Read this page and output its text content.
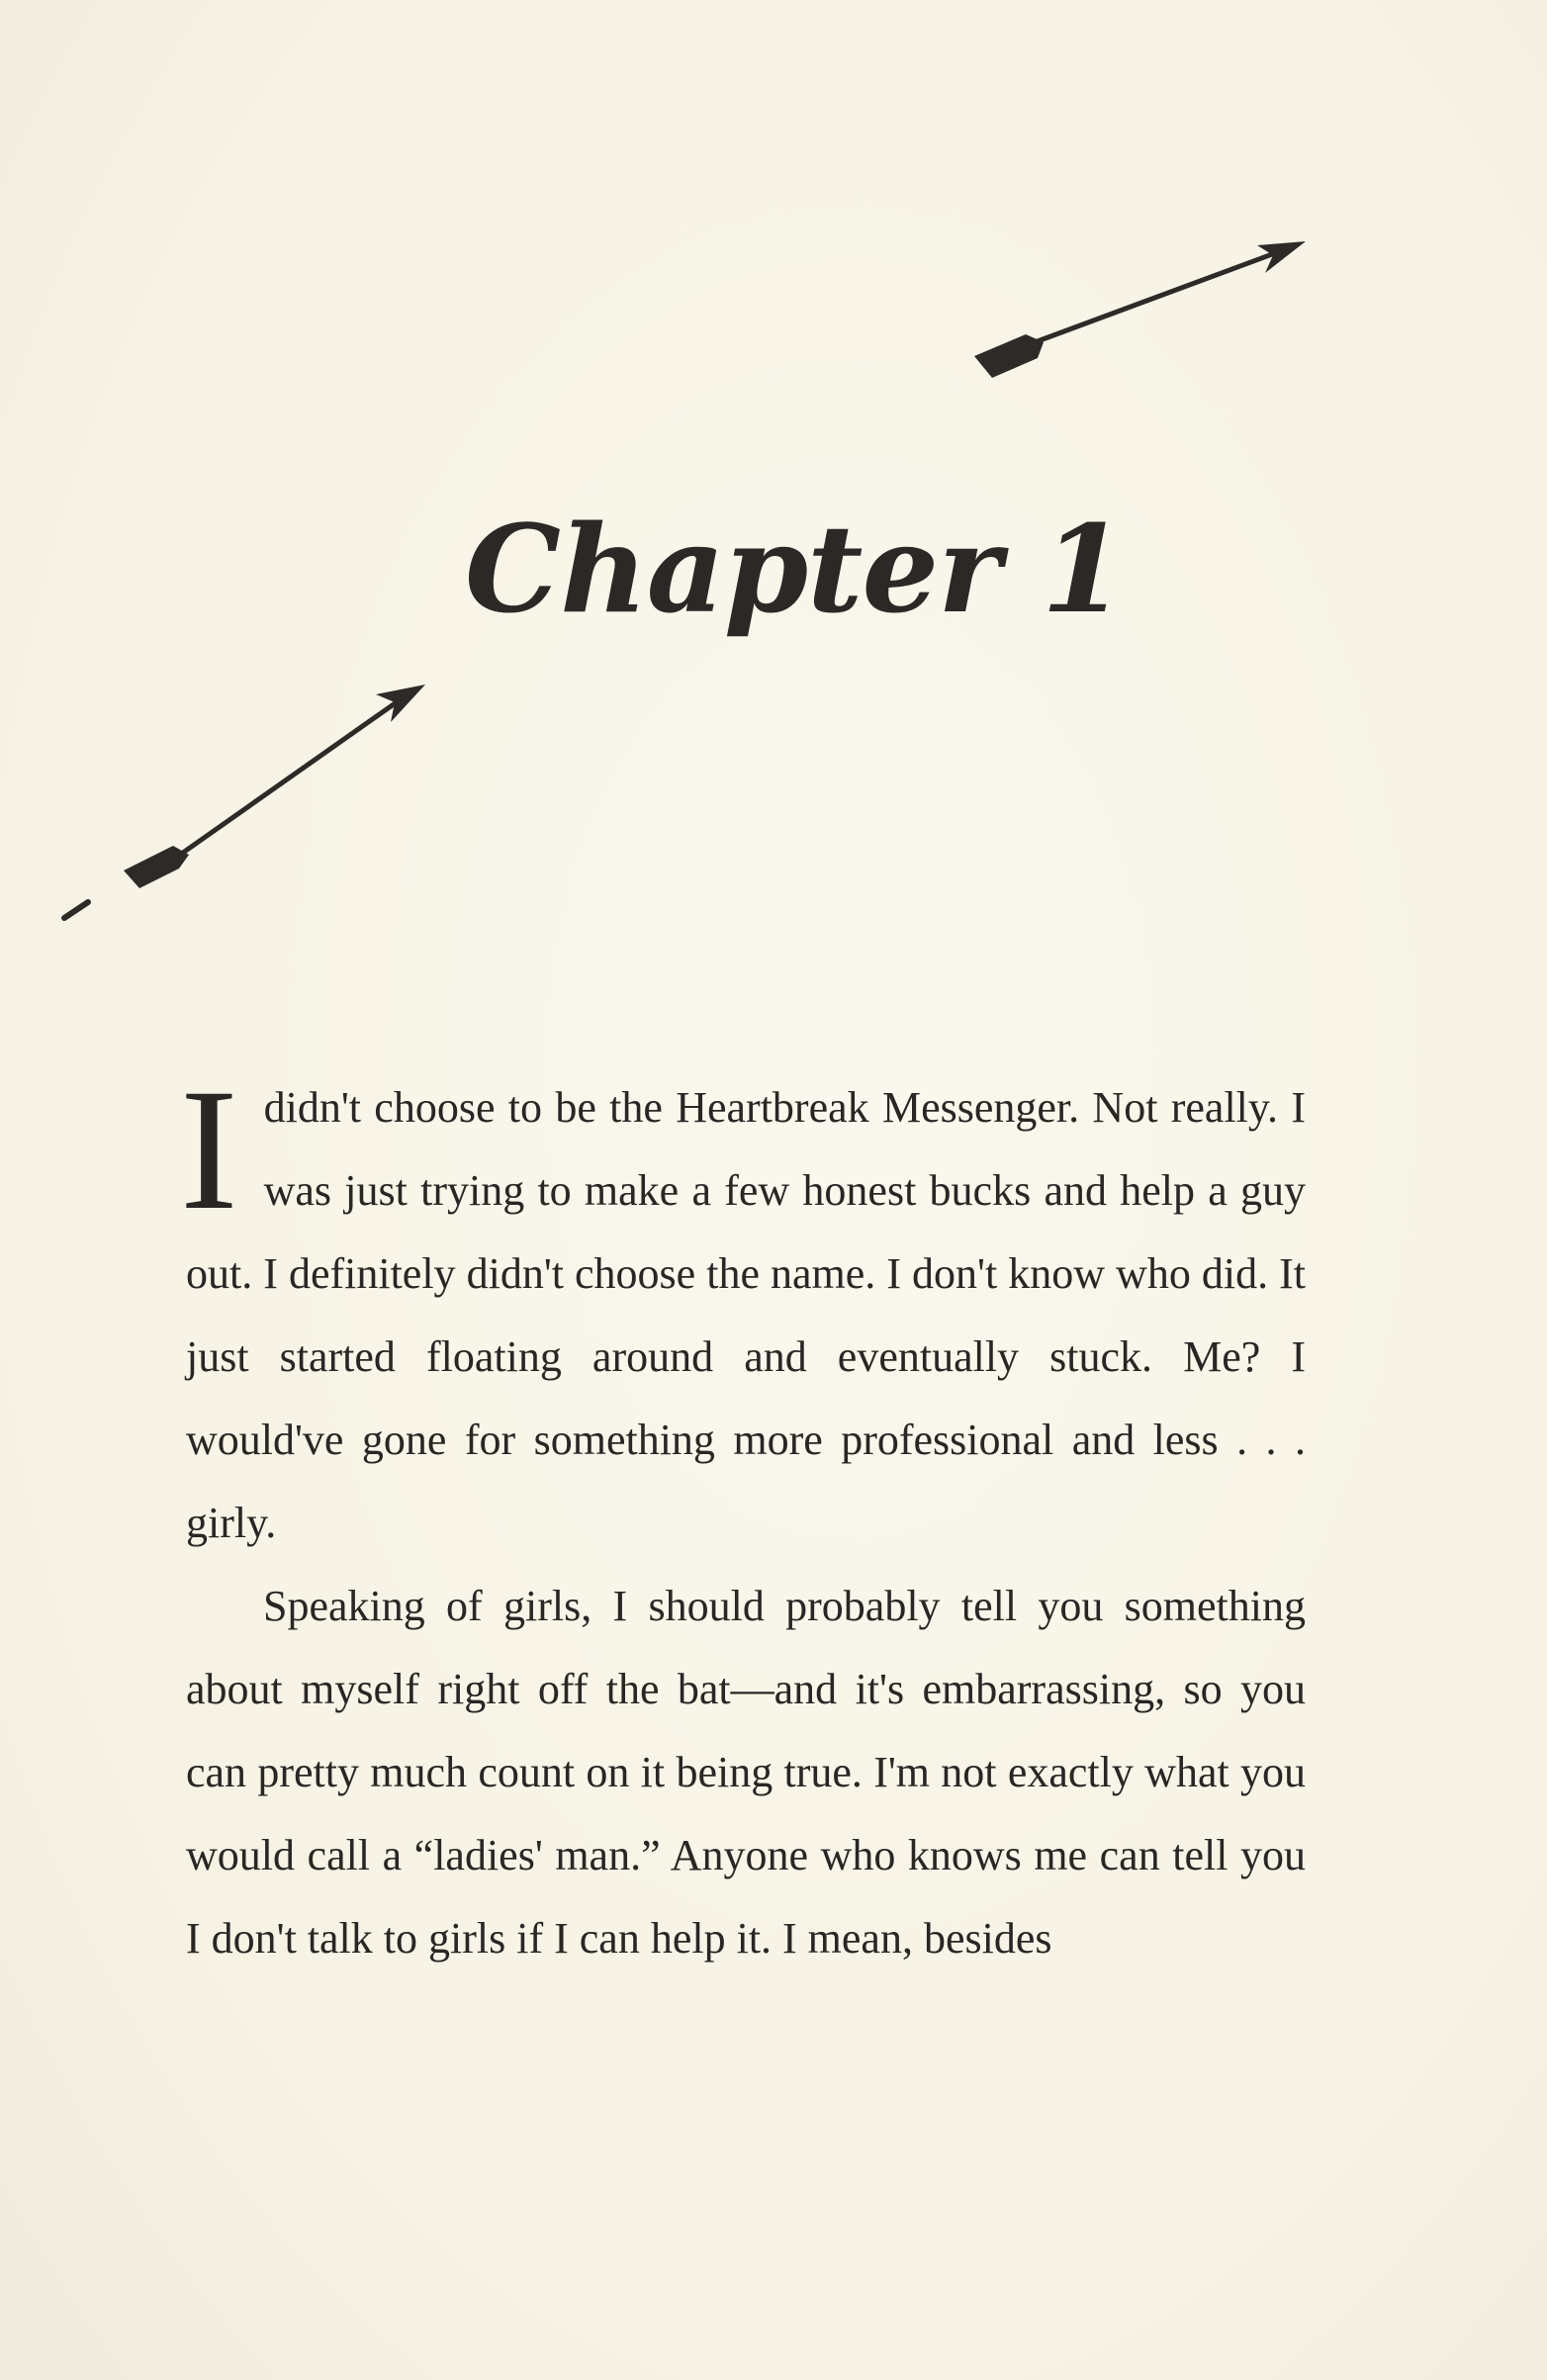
Chapter 1

I didn't choose to be the Heartbreak Messenger. Not really. I was just trying to make a few honest bucks and help a guy out. I definitely didn't choose the name. I don't know who did. It just started floating around and eventually stuck. Me? I would've gone for something more professional and less . . . girly.

Speaking of girls, I should probably tell you something about myself right off the bat—and it's embarrassing, so you can pretty much count on it being true. I'm not exactly what you would call a “ladies' man.” Anyone who knows me can tell you I don't talk to girls if I can help it. I mean, besides
